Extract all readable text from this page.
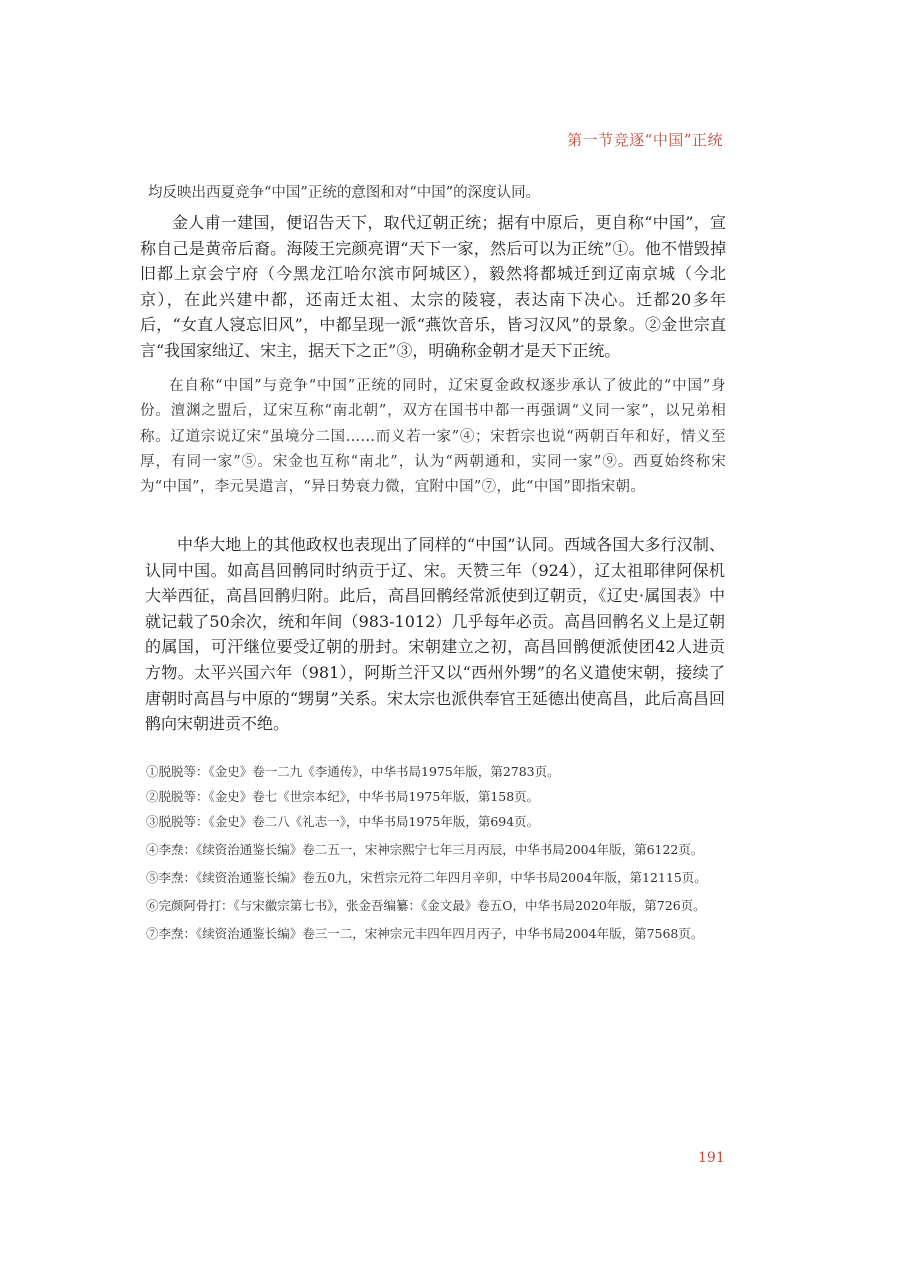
第一节竞逐“中国”正统

均反映出西夏竞争“中国”正统的意图和对“中国”的深度认同。

金人甫一建国，便诏告天下，取代辽朝正统；据有中原后，更自称“中国”，宣称自己是黄帝后裔。海陵王完颜亮谓“天下一家，然后可以为正统”①。他不惜毁掉旧都上京会宁府（今黑龙江哈尔滨市阿城区），毅然将都城迁到辽南京城（今北京），在此兴建中都，还南迁太祖、太宗的陵寝，表达南下决心。迁都20多年后，“女直人寖忘旧风”，中都呈现一派“燕饮音乐，皆习汉风”的景象。②金世宗直言“我国家绌辽、宋主，据天下之正”③，明确称金朝才是天下正统。

在自称“中国”与竞争“中国”正统的同时，辽宋夏金政权逐步承认了彼此的“中国”身份。澶渊之盟后，辽宋互称“南北朝”，双方在国书中都一再强调“义同一家”，以兄弟相称。辽道宗说辽宋“虽境分二国……而义若一家”④；宋哲宗也说“两朝百年和好，情义至厚，有同一家”⑤。宋金也互称“南北”，认为“两朝通和，实同一家”⑨。西夏始终称宋为“中国”，李元昊遣言，“异日势衰力微，宜附中国”⑦，此“中国”即指宋朝。

中华大地上的其他政权也表现出了同样的“中国”认同。西域各国大多行汉制、认同中国。如高昌回鹘同时纳贡于辽、宋。天赞三年（924），辽太祖耶律阿保机大举西征，高昌回鹘归附。此后，高昌回鹘经常派使到辽朝贡，《辽史·属国表》中就记载了50余次，统和年间（983-1012）几乎每年必贡。高昌回鹘名义上是辽朝的属国，可汗继位要受辽朝的册封。宋朝建立之初，高昌回鹘便派使团42人进贡方物。太平兴国六年（981），阿斯兰汗又以“西州外甥”的名义遣使宋朝，接续了唐朝时高昌与中原的“甥舅”关系。宋太宗也派供奉官王延德出使高昌，此后高昌回鹘向宋朝进贡不绝。

①脱脱等：《金史》卷一二九《李通传》，中华书局1975年版，第2783页。

②脱脱等：《金史》卷七《世宗本纪》，中华书局1975年版，第158页。

③脱脱等：《金史》卷二八《礼志一》，中华书局1975年版，第694页。

④李焘：《续资治通鉴长编》卷二五一，宋神宗熙宁七年三月丙辰，中华书局2004年版，第6122页。

⑤李焘：《续资治通鉴长编》卷五0九，宋哲宗元符二年四月辛卯，中华书局2004年版，第12115页。

⑥完颜阿骨打：《与宋徽宗第七书》，张金吾编纂：《金文最》卷五O，中华书局2020年版，第726页。

⑦李焘：《续资治通鉴长编》卷三一二，宋神宗元丰四年四月丙子，中华书局2004年版，第7568页。

191
